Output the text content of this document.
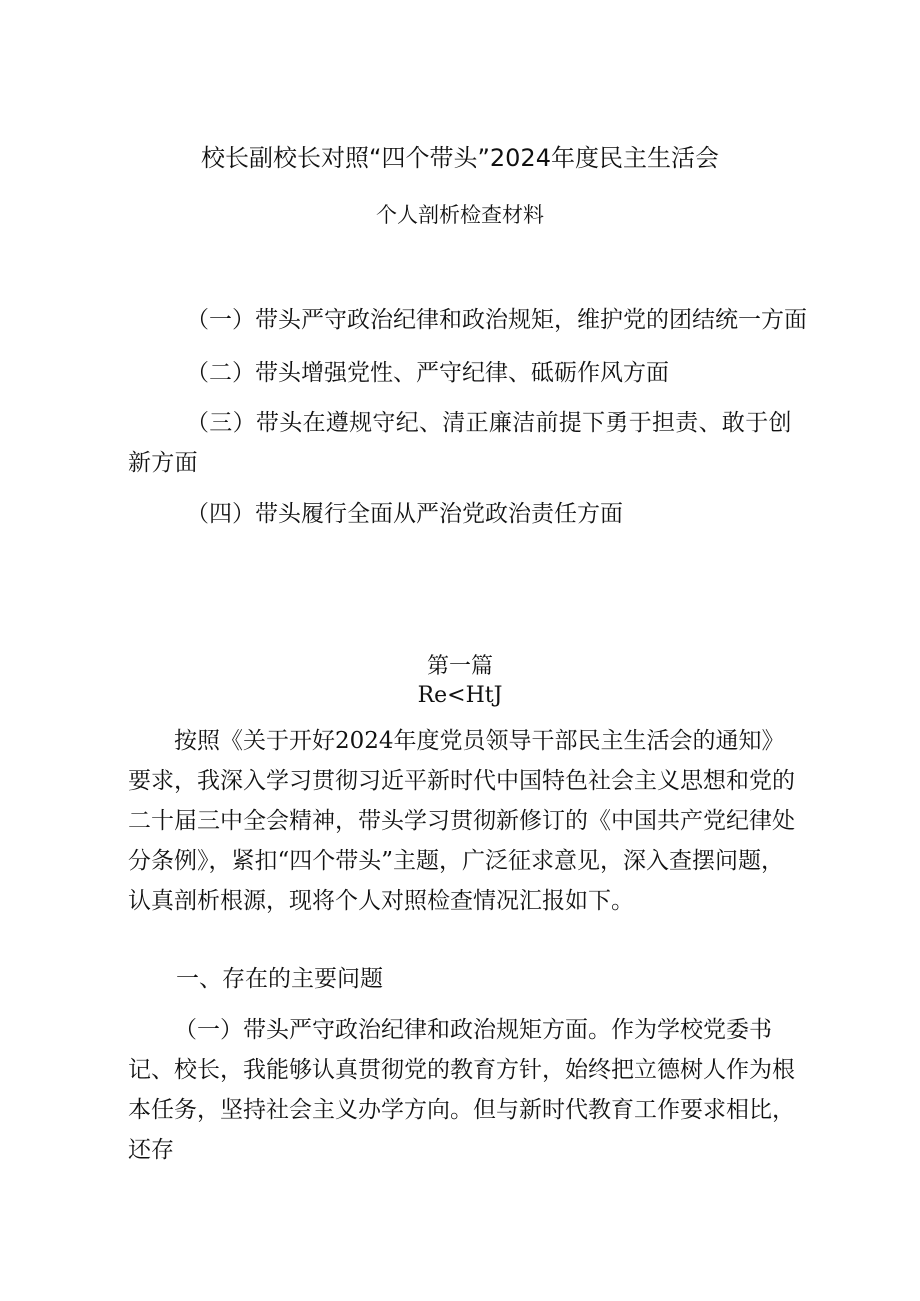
校长副校长对照“四个带头”2024年度民主生活会
个人剖析检查材料
（一）带头严守政治纪律和政治规矩，维护党的团结统一方面
（二）带头增强党性、严守纪律、砥砺作风方面

（三）带头在遵规守纪、清正廉洁前提下勇于担责、敢于创新方面

（四）带头履行全面从严治党政治责任方面
第一篇
Re<HtJ

按照《关于开好2024年度党员领导干部民主生活会的通知》要求，我深入学习贯彻习近平新时代中国特色社会主义思想和党的二十届三中全会精神，带头学习贯彻新修订的《中国共产党纪律处分条例》，紧扣“四个带头”主题，广泛征求意见，深入查摆问题，认真剖析根源，现将个人对照检查情况汇报如下。

一、存在的主要问题

（一）带头严守政治纪律和政治规矩方面。作为学校党委书记、校长，我能够认真贯彻党的教育方针，始终把立德树人作为根本任务，坚持社会主义办学方向。但与新时代教育工作要求相比，还存
